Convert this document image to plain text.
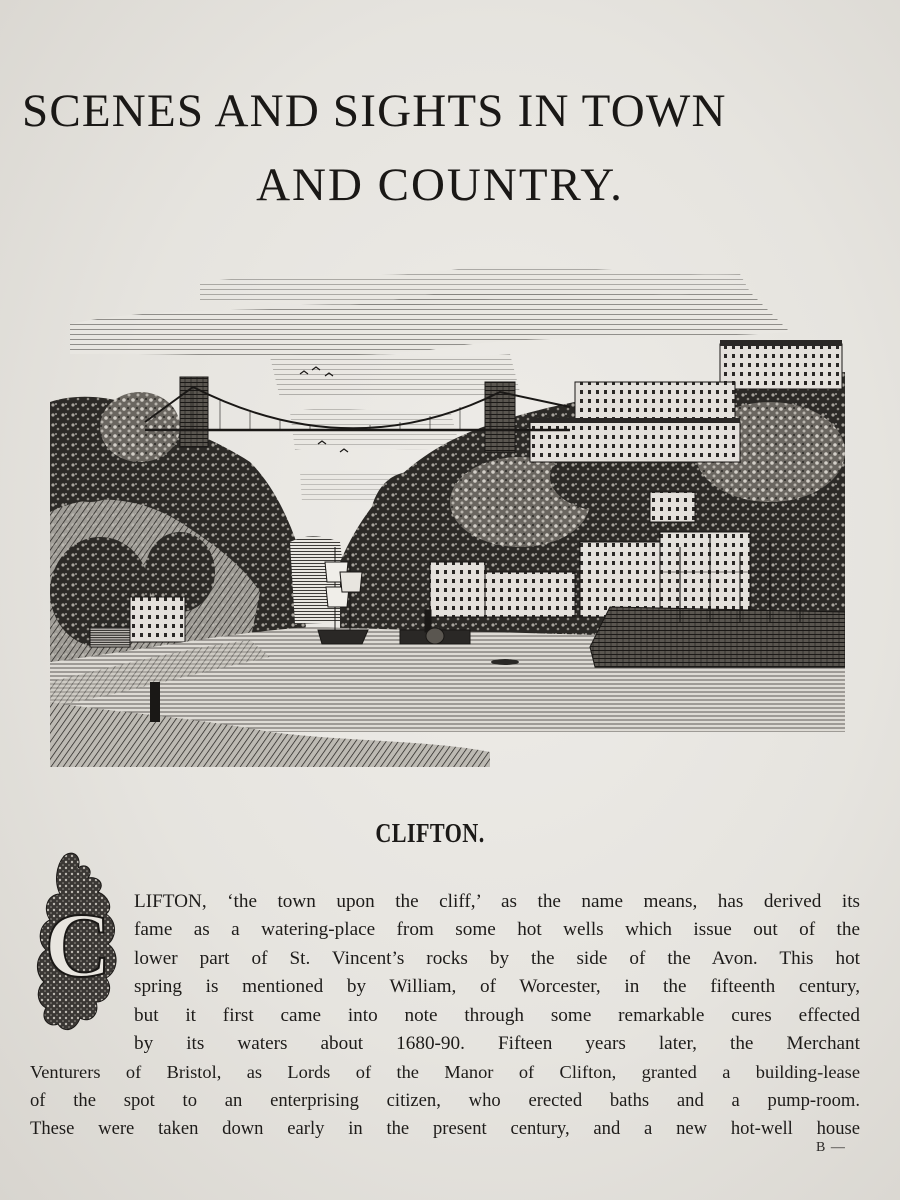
SCENES AND SIGHTS IN TOWN
AND COUNTRY.
CLIFTON.
C	LIFTON, ‘the town upon the cliff,’ as the name means, has derived its
fame as a watering-place from some hot wells which issue out of the
lower part of St. Vincent’s rocks by the side of the Avon. This hot
spring is mentioned by William, of Worcester, in the fifteenth century,
but it first came into note through some remarkable cures effected
by its waters about 1680-90. Fifteen years later, the Merchant
Venturers of Bristol, as Lords of the Manor of Clifton, granted a building-lease
of the spot to an enterprising citizen, who erected baths and a pump-room.
These were taken down early in the present century, and a new hot-well house
B —
